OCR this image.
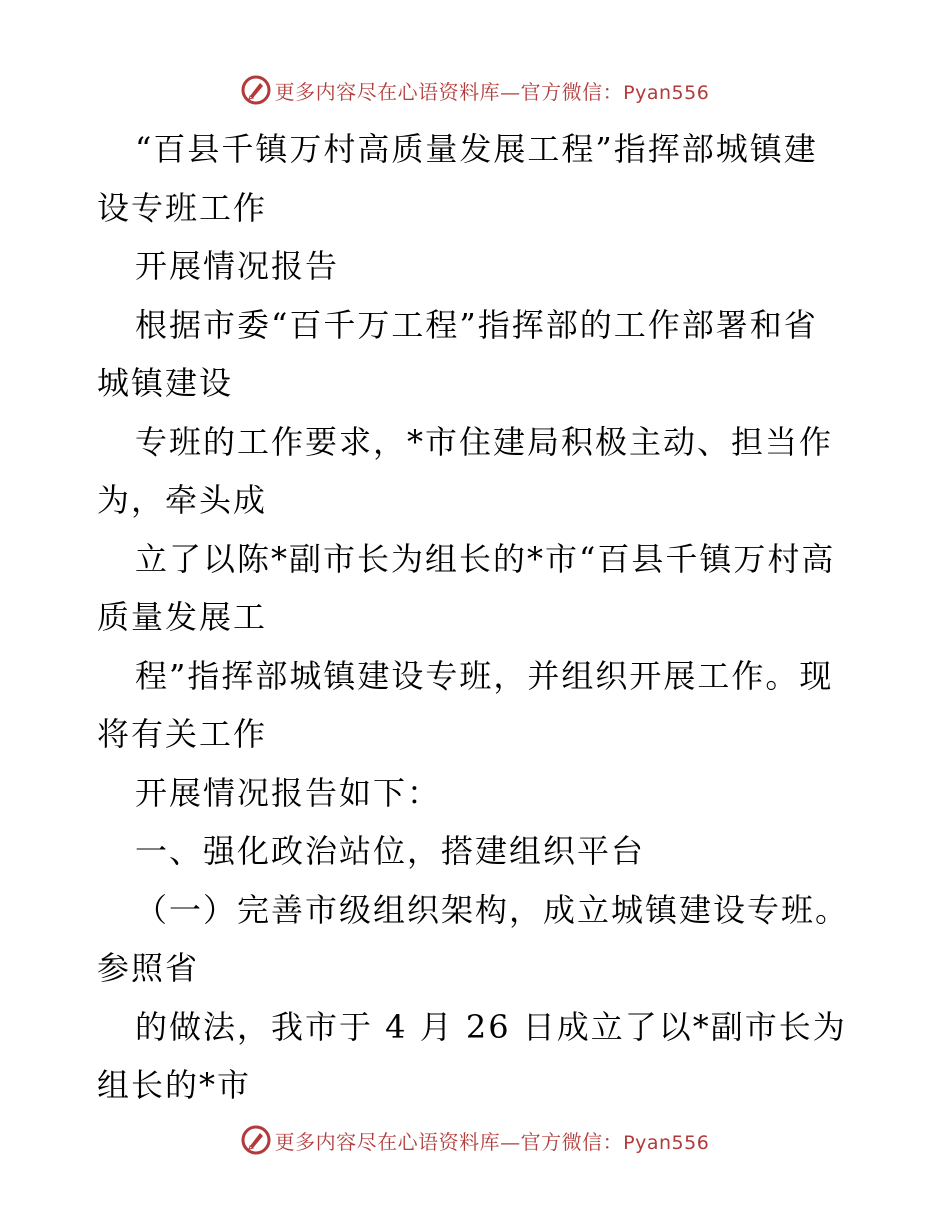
更多内容尽在心语资料库—官方微信：Pyan556
“百县千镇万村高质量发展工程”指挥部城镇建
设专班工作
开展情况报告
根据市委“百千万工程”指挥部的工作部署和省
城镇建设
专班的工作要求，*市住建局积极主动、担当作
为，牵头成
立了以陈*副市长为组长的*市“百县千镇万村高
质量发展工
程”指挥部城镇建设专班，并组织开展工作。现
将有关工作
开展情况报告如下：
一、强化政治站位，搭建组织平台
（一）完善市级组织架构，成立城镇建设专班。
参照省
的做法，我市于 4 月 26 日成立了以*副市长为
组长的*市
更多内容尽在心语资料库—官方微信：Pyan556
